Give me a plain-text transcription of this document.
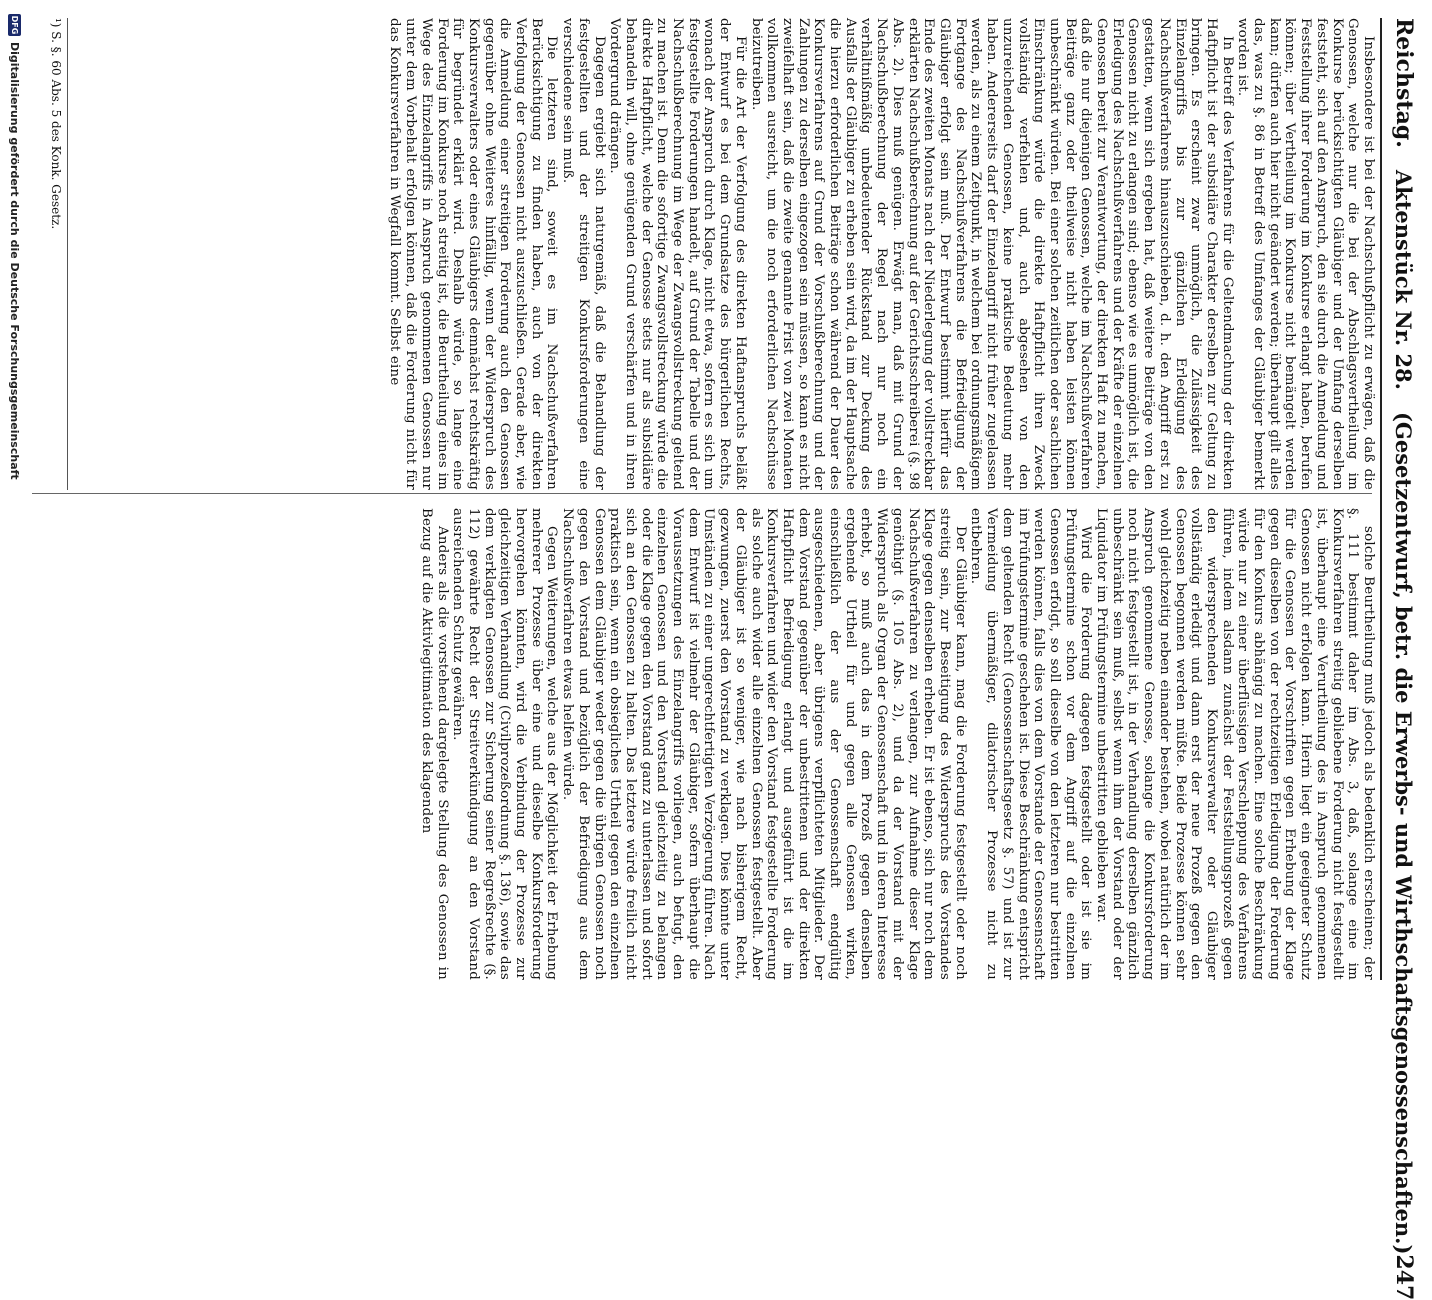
Reichstag.
Aktenstück Nr. 28.
(Gesetzentwurf, betr. die Erwerbs- und Wirthschaftsgenossenschaften.)
247

Insbesondere ist bei der Nachschußpflicht zu erwägen, daß die Genossen, welche nur die bei der Abschlagsvertheilung im Konkurse berücksichtigten Gläubiger und der Umfang derselben feststeht, sich auf den Anspruch, den sie durch die Anmeldung und Feststellung ihrer Forderung im Konkurse erlangt haben, berufen können; über Vertheilung im Konkurse nicht bemängelt werden kann; dürfen auch hier nicht geändert werden; überhaupt gilt alles das, was zu §. 86 in Betreff des Umfanges der Gläubiger bemerkt worden ist.

In Betreff des Verfahrens für die Geltendmachung der direkten Haftpflicht ist der subsidiäre Charakter derselben zur Geltung zu bringen. Es erscheint zwar unmöglich, die Zulässigkeit des Einzelangriffs bis zur gänzlichen Erledigung des Nachschußverfahrens hinauszuschieben, d. h. den Angriff erst zu gestatten, wenn sich ergeben hat, daß weitere Beiträge von den Genossen nicht zu erlangen sind; ebenso wie es unmöglich ist, die Erledigung des Nachschußverfahrens und der Kräfte der einzelnen Genossen bereit zur Verantwortung, der direkten Haft zu machen, daß die nur diejenigen Genossen, welche im Nachschußverfahren Beiträge ganz oder theilweise nicht haben leisten können unbeschränkt würden. Bei einer solchen zeitlichen oder sachlichen Einschränkung würde die direkte Haftpflicht ihren Zweck vollständig verfehlen und, auch abgesehen von den unzureichenden Genossen, keine praktische Bedeutung mehr haben. Andererseits darf der Einzelangriff nicht früher zugelassen werden, als zu einem Zeitpunkt, in welchem bei ordnungsmäßigem Fortgange des Nachschußverfahrens die Befriedigung der Gläubiger erfolgt sein muß. Der Entwurf bestimmt hierfür das Ende des zweiten Monats nach der Niederlegung der vollstreckbar erklärten Nachschußberechnung auf der Gerichtsschreiberei (§. 98 Abs. 2). Dies muß genügen. Erwägt man, daß mit Grund der Nachschußberechnung der Regel nach nur noch ein verhältnißmäßig unbedeutender Rückstand zur Deckung des Ausfalls der Gläubiger zu erheben sein wird, da im der Hauptsache die hierzu erforderlichen Beiträge schon während der Dauer des Konkursverfahrens auf Grund der Vorschußberechnung und der Zahlungen zu derselben eingezogen sein müssen, so kann es nicht zweifelhaft sein, daß die zweite genannte Frist von zwei Monaten vollkommen ausreicht, um die noch erforderlichen Nachschüsse beizutreiben.

Für die Art der Verfolgung des direkten Haftanspruchs beläßt der Entwurf es bei dem Grundsatze des bürgerlichen Rechts, wonach der Anspruch durch Klage, nicht etwa, sofern es sich um festgestellte Forderungen handelt, auf Grund der Tabelle und der Nachschußberechnung im Wege der Zwangsvollstreckung geltend zu machen ist. Denn die sofortige Zwangsvollstreckung würde die direkte Haftpflicht, welche der Genosse stets nur als subsidiäre behandeln will, ohne genügenden Grund verschärfen und in ihren Vordergrund drängen.

Dagegen ergiebt sich naturgemäß, daß die Behandlung der festgestellten und der streitigen Konkursforderungen eine verschiedene sein muß.

Die letzteren sind, soweit es im Nachschußverfahren Berücksichtigung zu finden haben, auch von der direkten Verfolgung der Genossen nicht auszuschließen. Gerade aber, wie die Anmeldung einer streitigen Forderung auch den Genossen gegenüber ohne Weiteres hinfällig, wenn der Widerspruch des Konkursverwalters oder eines Gläubigers demnächst rechtskräftig für begründet erklärt wird. Deshalb würde, so lange eine Forderung im Konkurse noch streitig ist, die Beurtheilung eines im Wege des Einzelangriffs in Anspruch genommenen Genossen nur unter dem Vorbehalt erfolgen können, daß die Forderung nicht für das Konkursverfahren in Wegfall kommt. Selbst eine

solche Beurtheilung muß jedoch als bedenklich erscheinen; der §. 111 bestimmt daher im Abs. 3, daß, solange eine im Konkursverfahren streitig gebliebene Forderung nicht festgestellt ist, überhaupt eine Verurtheilung des in Anspruch genommenen Genossen nicht erfolgen kann. Hierin liegt ein geeigneter Schutz für die Genossen der Vorschriften gegen Erhebung der Klage gegen dieselben von der rechtzeitigen Erledigung der Forderung für den Konkurs abhängig zu machen. Eine solche Beschränkung würde nur zu einer überflüssigen Verschleppung des Verfahrens führen, indem alsdann zunächst der Feststellungsprozeß gegen den widersprechenden Konkursverwalter oder Gläubiger vollständig erledigt und dann erst der neue Prozeß gegen den Genossen begonnen werden müßte. Beide Prozesse können sehr wohl gleichzeitig neben einander bestehen, wobei natürlich der im Anspruch genommene Genosse, solange die Konkursforderung noch nicht festgestellt ist, in der Verhandlung derselben gänzlich unbeschränkt sein muß, selbst wenn ihm der Vorstand oder der Liquidator im Prüfungstermine unbestritten geblieben war.

Wird die Forderung dagegen festgestellt oder ist sie im Prüfungstermine schon vor dem Angriff auf die einzelnen Genossen erfolgt, so soll dieselbe von den letzteren nur bestritten werden können, falls dies von dem Vorstande der Genossenschaft im Prüfungstermine geschehen ist. Diese Beschränkung entspricht dem geltenden Recht (Genossenschaftsgesetz §. 57) und ist zur Vermeidung übermäßiger, dilatorischer Prozesse nicht zu entbehren.

Der Gläubiger kann, mag die Forderung festgestellt oder noch streitig sein, zur Beseitigung des Widerspruchs des Vorstandes Klage gegen denselben erheben. Er ist ebenso, sich nur noch dem Nachschußverfahren zu verlangen, zur Aufnahme dieser Klage genöthigt (§. 105 Abs. 2), und da der Vorstand mit der Widerspruch als Organ der Genossenschaft und in deren Interesse erhebt, so muß auch das in dem Prozeß gegen denselben ergehende Urtheil für und gegen alle Genossen wirken, einschließlich der aus der Genossenschaft endgültig ausgeschiedenen, aber übrigens verpflichteten Mitglieder. Der dem Vorstand gegenüber der unbestrittenen und der direkten Haftpflicht Befriedigung erlangt und ausgeführt ist die im Konkursverfahren und wider den Vorstand festgestellte Forderung als solche auch wider alle einzelnen Genossen festgestellt. Aber der Gläubiger ist so weniger, wie nach bisherigem Recht, gezwungen, zuerst den Vorstand zu verklagen. Dies könnte unter Umständen zu einer ungerechtfertigten Verzögerung führen. Nach dem Entwurf ist vielmehr der Gläubiger, sofern überhaupt die Voraussetzungen des Einzelangriffs vorliegen, auch befugt, den einzelnen Genossen und den Vorstand gleichzeitig zu belangen oder die Klage gegen den Vorstand ganz zu unterlassen und sofort sich an den Genossen zu halten. Das letztere würde freilich nicht praktisch sein, wenn ein obsiegliches Urtheil gegen den einzelnen Genossen dem Gläubiger weder gegen die übrigen Genossen noch gegen den Vorstand und bezüglich der Befriedigung aus dem Nachschußverfahren etwas helfen würde.

Gegen Weiterungen, welche aus der Möglichkeit der Erhebung mehrerer Prozesse über eine und dieselbe Konkursforderung hervorgehen könnten, wird die Verbindung der Prozesse zur gleichzeitigen Verhandlung (Civilprozeßordnung §. 136), sowie das dem verklagten Genossen zur Sicherung seiner Regreßrechte (§. 112) gewährte Recht der Streitverkündigung an den Vorstand ausreichenden Schutz gewähren.

Anders als die vorstehend dargelegte Stellung des Genossen in Bezug auf die Aktivlegitimation des klagenden

¹) S. §. 60 Abs. 5 des Konk. Gesetz.
DFG
Digitalisierung gefördert durch die Deutsche Forschungsgemeinschaft
